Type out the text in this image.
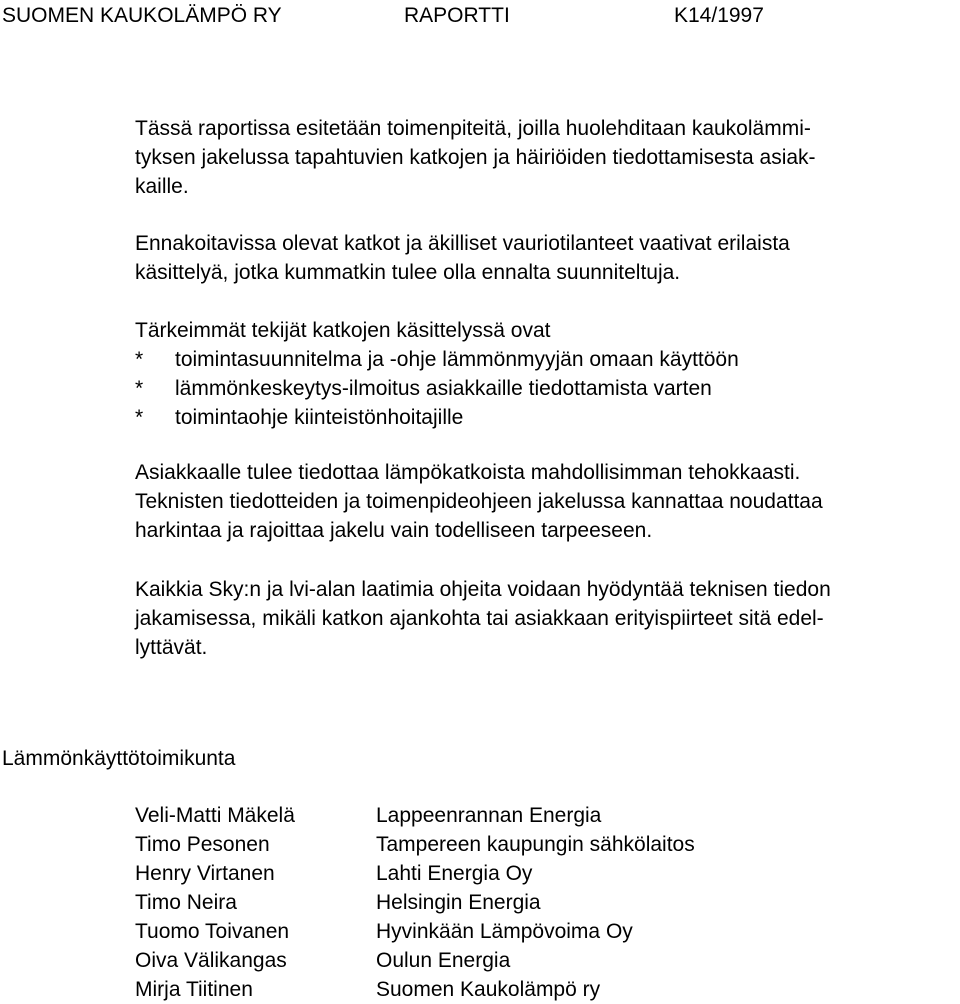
SUOMEN KAUKOLÄMPÖ RY	RAPORTTI	K14/1997
Tässä raportissa esitetään toimenpiteitä, joilla huolehditaan kaukolämmi-
tyksen jakelussa tapahtuvien katkojen ja häiriöiden tiedottamisesta asiak-
kaille.
Ennakoitavissa olevat katkot ja äkilliset vauriotilanteet vaativat erilaista
käsittelyä, jotka kummatkin tulee olla ennalta suunniteltuja.
Tärkeimmät tekijät katkojen käsittelyssä ovat
* toimintasuunnitelma ja -ohje lämmönmyyjän omaan käyttöön
* lämmönkeskeytys-ilmoitus asiakkaille tiedottamista varten
* toimintaohje kiinteistönhoitajille
Asiakkaalle tulee tiedottaa lämpökatkoista mahdollisimman tehokkaasti.
Teknisten tiedotteiden ja toimenpideohjeen jakelussa kannattaa noudattaa
harkintaa ja rajoittaa jakelu vain todelliseen tarpeeseen.
Kaikkia Sky:n ja lvi-alan laatimia ohjeita voidaan hyödyntää teknisen tiedon
jakamisessa, mikäli katkon ajankohta tai asiakkaan erityispiirteet sitä edel-
lyttävät.
Lämmönkäyttötoimikunta
Veli-Matti Mäkelä	Lappeenrannan Energia
Timo Pesonen	Tampereen kaupungin sähkölaitos
Henry Virtanen	Lahti Energia Oy
Timo Neira	Helsingin Energia
Tuomo Toivanen	Hyvinkään Lämpövoima Oy
Oiva Välikangas	Oulun Energia
Mirja Tiitinen	Suomen Kaukolämpö ry
